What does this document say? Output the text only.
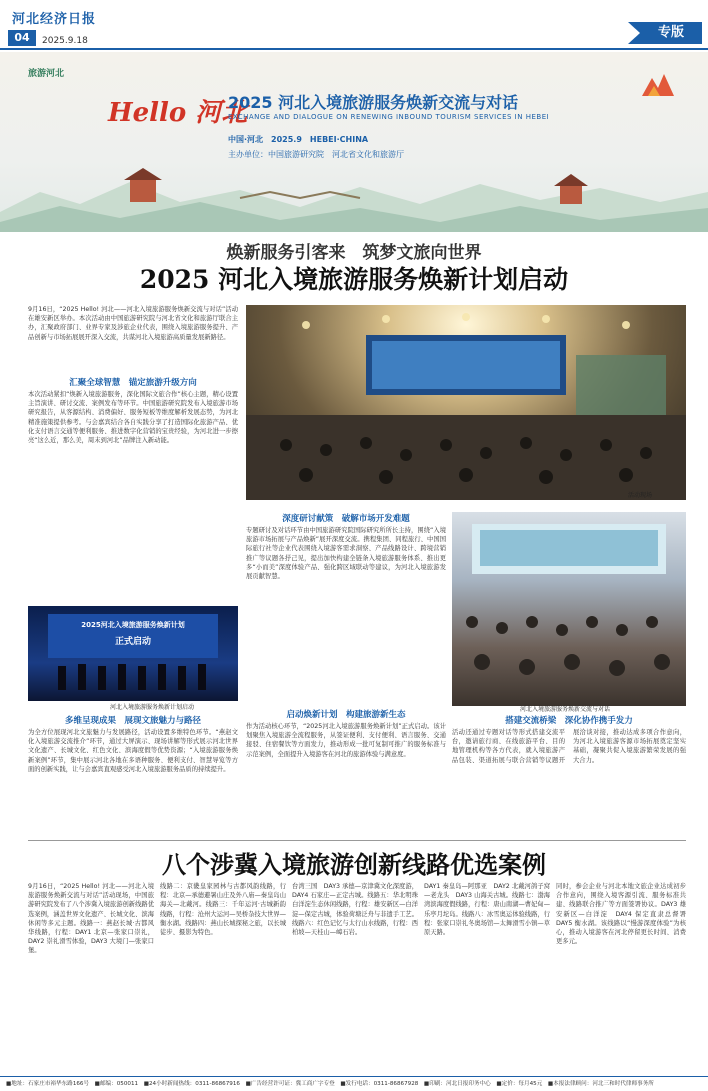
河北经济日报
04	2025.9.18
专版
旅游河北
Hello 河北
2025 河北入境旅游服务焕新交流与对话
EXCHANGE AND DIALOGUE ON RENEWING INBOUND TOURISM SERVICES IN HEBEI
中国·河北　2025.9　HEBEI·CHINA
主办单位：中国旅游研究院　河北省文化和旅游厅
焕新服务引客来　筑梦文旅向世界
2025 河北入境旅游服务焕新计划启动
9月16日，“2025 Hello! 河北——河北入境旅游服务焕新交流与对话”活动在雄安新区举办。本次活动由中国旅游研究院与河北省文化和旅游厅联合主办，汇聚政府部门、业界专家及涉旅企业代表，围绕入境旅游服务提升、产品创新与市场拓展展开深入交流，共谋河北入境旅游高质量发展新路径。
汇聚全球智慧　锚定旅游升级方向
本次活动紧扣“焕新入境旅游服务，深化国际文旅合作”核心主题，精心设置主旨演讲、研讨交流、案例发布等环节。中国旅游研究院发布入境旅游市场研究报告，从客源结构、消费偏好、服务短板等维度解析发展态势，为河北精准施策提供参考。与会嘉宾结合各自实践分享了打造国际化旅游产品、优化支付语言交通等便利服务、推进数字化营销的宝贵经验，为河北进一步擦亮“这么近，那么美，周末到河北”品牌注入新动能。
活动现场
2025河北入境旅游服务焕新计划
正式启动
河北入境旅游服务焕新计划启动
多维呈现成果　展现文旅魅力与路径
为全方位展现河北文旅魅力与发展路径，活动设置多维特色环节。“燕赵文化入境旅游交流推介”环节，通过大屏演示、现场讲解等形式展示河北世界文化遗产、长城文化、红色文化、滨海度假等优势资源；“入境旅游服务焕新案例”环节，集中展示河北各地在多语种服务、便利支付、智慧导览等方面的创新实践，让与会嘉宾直观感受河北入境旅游服务品质的持续提升。
深度研讨献策　破解市场开发难题
专题研讨及对话环节由中国旅游研究院国际研究所所长主持，围绕“入境旅游市场拓展与产品焕新”展开深度交流。携程集团、同程旅行、中国国际旅行社等企业代表围绕入境游客需求洞察、产品线路设计、跨境营销推广等议题各抒己见，提出加快构建全链条入境旅游服务体系、推出更多“小而美”深度体验产品、强化跨区域联动等建议，为河北入境旅游发展贡献智慧。
河北入境旅游服务焕新交流与对话
启动焕新计划　构建旅游新生态
作为活动核心环节，“2025河北入境旅游服务焕新计划”正式启动。该计划聚焦入境旅游全流程服务，从签证便利、支付便利、语言服务、交通接驳、住宿餐饮等方面发力，推动形成一批可复制可推广的服务标准与示范案例，全面提升入境游客在河北的旅游体验与满意度。
搭建交流桥梁　深化协作携手发力
活动还通过专题对话等形式搭建交流平台，邀请旅行商、在线旅游平台、目的地管理机构等各方代表，就入境旅游产品包装、渠道拓展与联合营销等议题开展洽谈对接，推动达成多项合作意向，为河北入境旅游客源市场拓展奠定坚实基础，凝聚共促入境旅游繁荣发展的强大合力。
八个涉冀入境旅游创新线路优选案例
9月16日，“2025 Hello! 河北——河北入境旅游服务焕新交流与对话”活动现场，中国旅游研究院发布了八个涉冀入境旅游创新线路优选案例，涵盖世界文化遗产、长城文化、滨海休闲等多元主题。线路一：燕赵长城·古都风华线路，行程：DAY1 北京—张家口崇礼，DAY2 崇礼滑雪体验，DAY3 大境门—张家口堡。
线路二：京畿皇家园林与古都风韵线路，行程：北京—承德避暑山庄及外八庙—秦皇岛山海关—北戴河。线路三：千年运河·古城新韵线路，行程：沧州大运河—吴桥杂技大世界—衡水湖。线路四：燕山长城探秘之旅，以长城徒步、摄影为特色。
台湾三国　DAY3 承德—京津冀文化深度游，DAY4 石家庄—正定古城。线路五：华北明珠白洋淀生态休闲线路，行程：雄安新区—白洋淀—保定古城，体验荷塘泛舟与非遗手工艺。线路六：红色记忆与太行山水线路，行程：西柏坡—天桂山—嶂石岩。
DAY1 秦皇岛—阿那亚　DAY2 北戴河鸽子窝—老龙头　DAY3 山海关古城。线路七：渤海湾滨海度假线路，行程：唐山南湖—曹妃甸—乐亭月坨岛。线路八：冰雪奥运体验线路，行程：张家口崇礼冬奥场馆—太舞滑雪小镇—草原天路。
同时，参会企业与河北本地文旅企业达成初步合作意向，围绕入境客源引流、服务标准共建、线路联合推广等方面签署协议。DAY3 雄安新区—白洋淀　DAY4 保定直隶总督署　DAY5 衡水湖。该线路以“慢游深度体验”为核心，推动入境游客在河北停留更长时间、消费更多元。
■地址：石家庄市裕华东路166号　■邮编：050011　■24小时新闻热线：0311-86867916　■广告经营许可证：冀工商广字专登　■发行电话：0311-86867928　■印刷：河北日报印务中心　■定价：每月45元　■本报法律顾问：河北三和时代律师事务所
